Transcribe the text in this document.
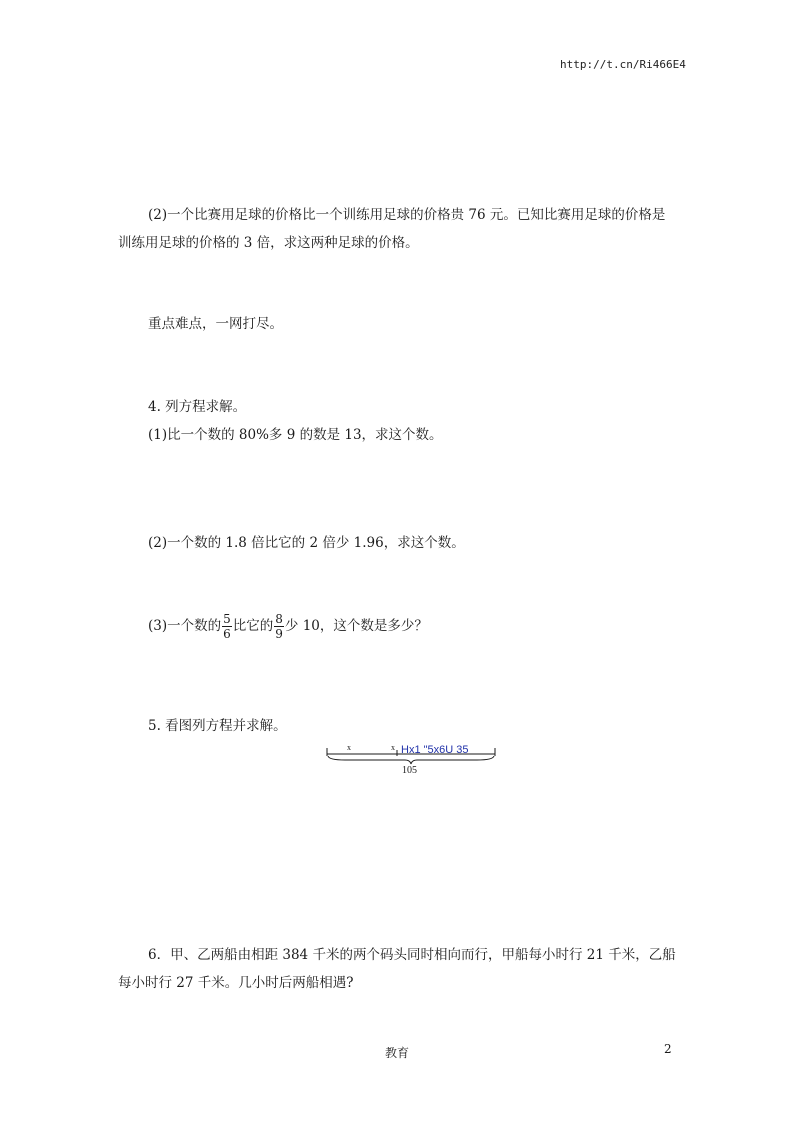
http://t.cn/Ri466E4
(2)一个比赛用足球的价格比一个训练用足球的价格贵 76 元。已知比赛用足球的价格是
训练用足球的价格的 3 倍，求这两种足球的价格。
重点难点，一网打尽。
4. 列方程求解。
(1)比一个数的 80%多 9 的数是 13，求这个数。
(2)一个数的 1.8 倍比它的 2 倍少 1.96，求这个数。
(3)一个数的 $\frac{5}{6}$ 比它的 $\frac{8}{9}$ 少 10，这个数是多少？
5. 看图列方程并求解。
x	x Hx1 "5x6U 35
105
6．甲、乙两船由相距 384 千米的两个码头同时相向而行，甲船每小时行 21 千米，乙船
每小时行 27 千米。几小时后两船相遇?
教育	2
